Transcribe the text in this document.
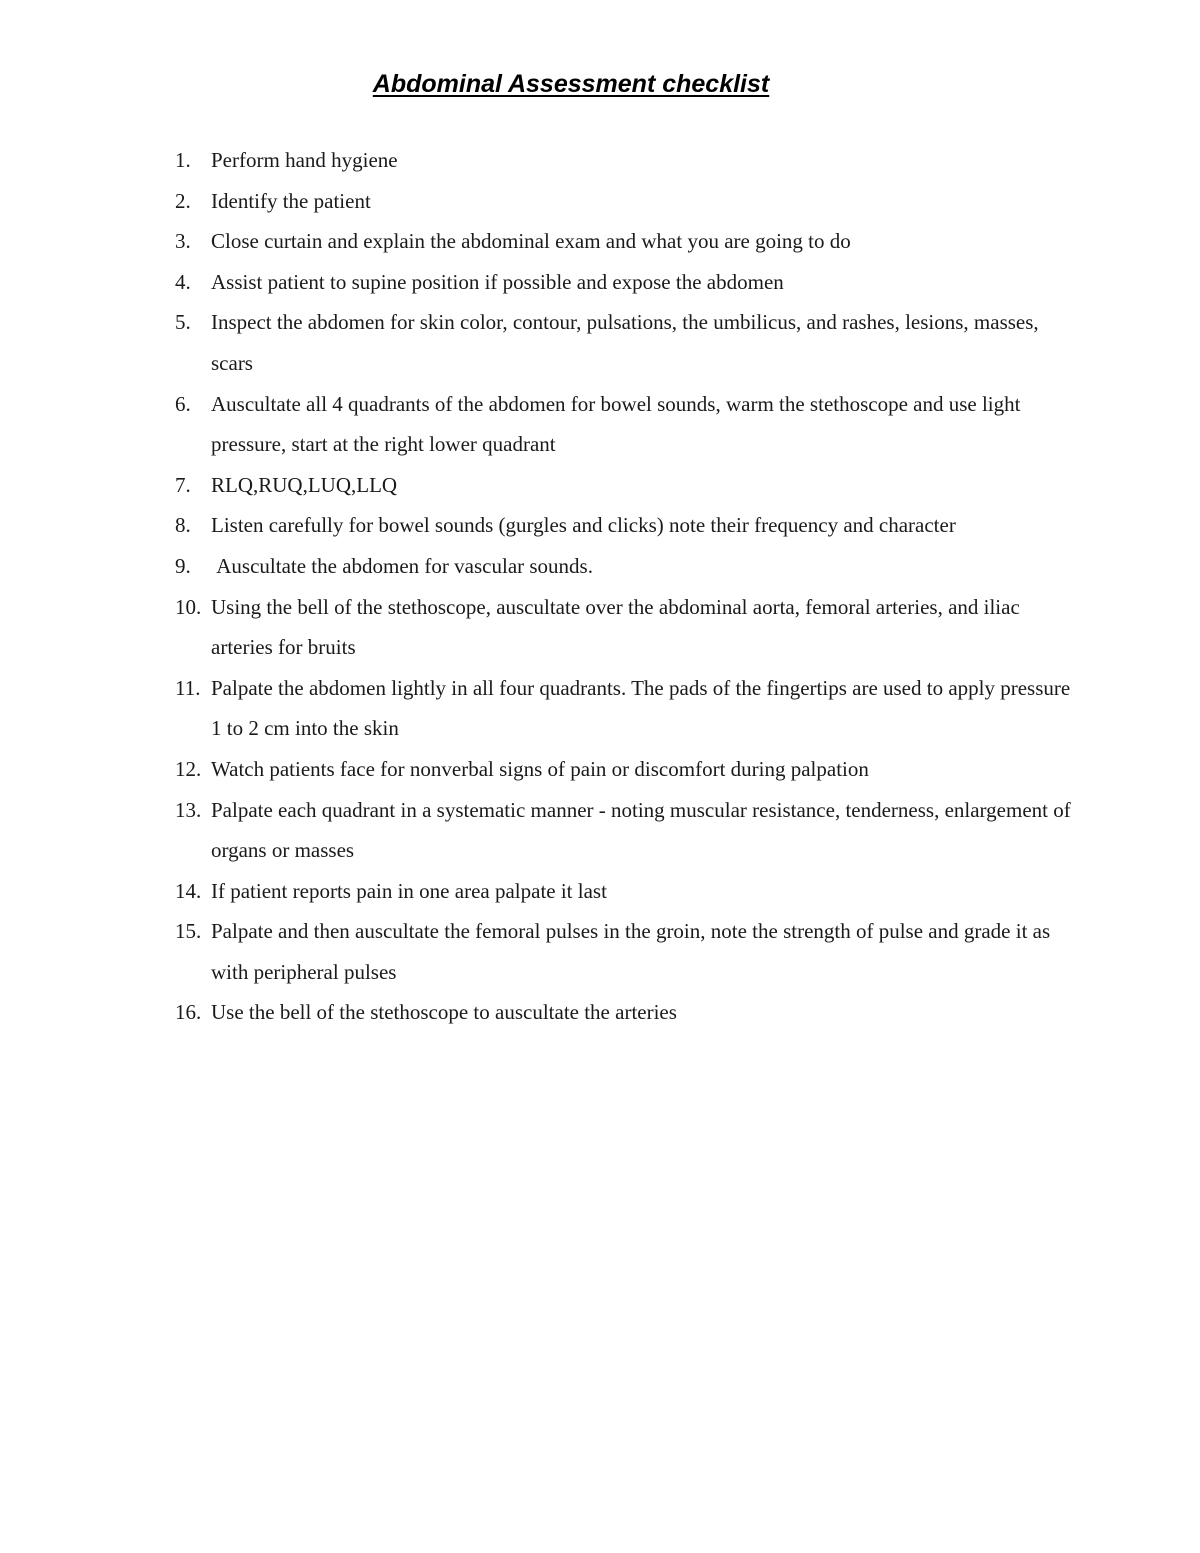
Abdominal Assessment checklist
1. Perform hand hygiene
2. Identify the patient
3. Close curtain and explain the abdominal exam and what you are going to do
4. Assist patient to supine position if possible and expose the abdomen
5. Inspect the abdomen for skin color, contour, pulsations, the umbilicus, and rashes, lesions, masses, scars
6. Auscultate all 4 quadrants of the abdomen for bowel sounds, warm the stethoscope and use light pressure, start at the right lower quadrant
7. RLQ,RUQ,LUQ,LLQ
8. Listen carefully for bowel sounds (gurgles and clicks) note their frequency and character
9. Auscultate the abdomen for vascular sounds.
10. Using the bell of the stethoscope, auscultate over the abdominal aorta, femoral arteries, and iliac arteries for bruits
11. Palpate the abdomen lightly in all four quadrants. The pads of the fingertips are used to apply pressure 1 to 2 cm into the skin
12. Watch patients face for nonverbal signs of pain or discomfort during palpation
13. Palpate each quadrant in a systematic manner - noting muscular resistance, tenderness, enlargement of organs or masses
14. If patient reports pain in one area palpate it last
15. Palpate and then auscultate the femoral pulses in the groin, note the strength of pulse and grade it as with peripheral pulses
16. Use the bell of the stethoscope to auscultate the arteries
